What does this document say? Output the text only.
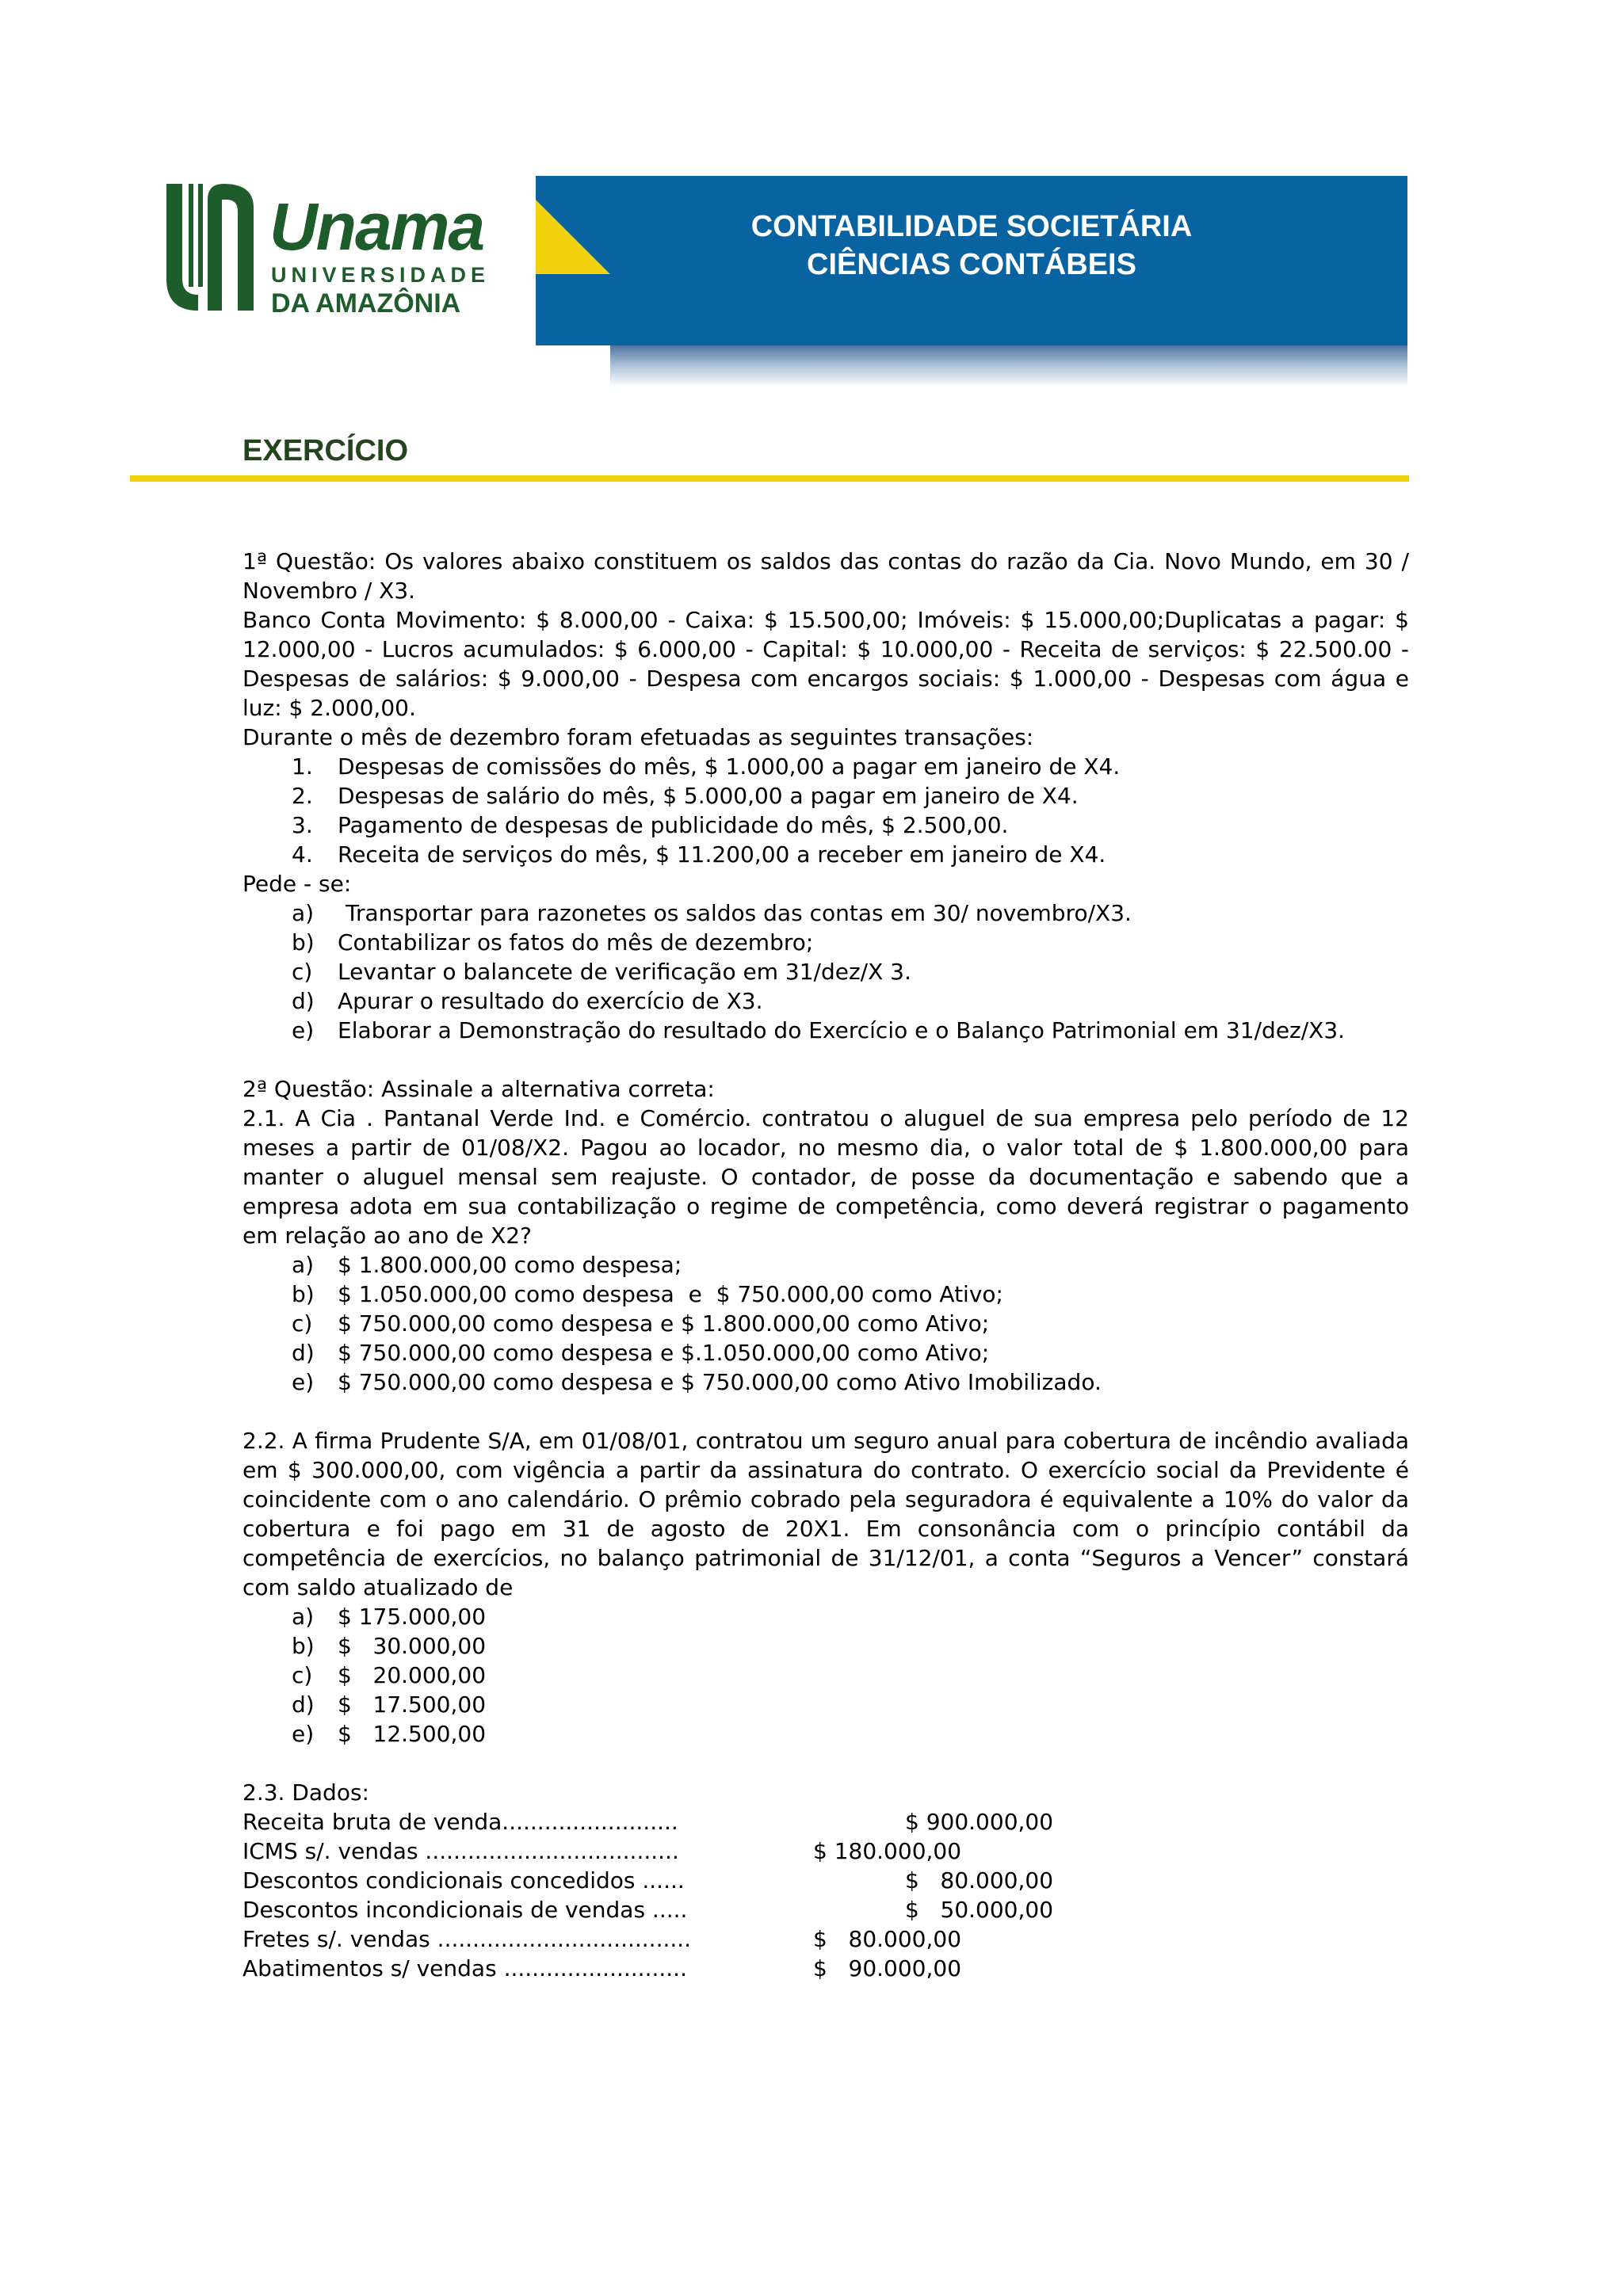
Unama
UNIVERSIDADE
DA AMAZÔNIA
CONTABILIDADE SOCIETÁRIA
CIÊNCIAS CONTÁBEIS
EXERCÍCIO

1ª Questão: Os valores abaixo constituem os saldos das contas do razão da Cia. Novo Mundo, em 30 / Novembro / X3.

Banco Conta Movimento: $ 8.000,00 - Caixa: $ 15.500,00; Imóveis: $ 15.000,00;Duplicatas a pagar: $ 12.000,00 - Lucros acumulados: $ 6.000,00 - Capital: $ 10.000,00 - Receita de serviços: $ 22.500.00 - Despesas de salários: $ 9.000,00 - Despesa com encargos sociais: $ 1.000,00 - Despesas com água e luz: $ 2.000,00.

Durante o mês de dezembro foram efetuadas as seguintes transações:

1. Despesas de comissões do mês, $ 1.000,00 a pagar em janeiro de X4.
2. Despesas de salário do mês, $ 5.000,00 a pagar em janeiro de X4.
3. Pagamento de despesas de publicidade do mês, $ 2.500,00.
4. Receita de serviços do mês, $ 11.200,00 a receber em janeiro de X4.

Pede - se:

a) Transportar para razonetes os saldos das contas em 30/ novembro/X3.
b) Contabilizar os fatos do mês de dezembro;
c) Levantar o balancete de verificação em 31/dez/X 3.
d) Apurar o resultado do exercício de X3.
e) Elaborar a Demonstração do resultado do Exercício e o Balanço Patrimonial em 31/dez/X3.

2ª Questão: Assinale a alternativa correta:

2.1. A Cia . Pantanal Verde Ind. e Comércio. contratou o aluguel de sua empresa pelo período de 12 meses a partir de 01/08/X2. Pagou ao locador, no mesmo dia, o valor total de $ 1.800.000,00 para manter o aluguel mensal sem reajuste. O contador, de posse da documentação e sabendo que a empresa adota em sua contabilização o regime de competência, como deverá registrar o pagamento em relação ao ano de X2?

a) $ 1.800.000,00 como despesa;
b) $ 1.050.000,00 como despesa  e  $ 750.000,00 como Ativo;
c) $ 750.000,00 como despesa e $ 1.800.000,00 como Ativo;
d) $ 750.000,00 como despesa e $.1.050.000,00 como Ativo;
e) $ 750.000,00 como despesa e $ 750.000,00 como Ativo Imobilizado.

2.2. A firma Prudente S/A, em 01/08/01, contratou um seguro anual para cobertura de incêndio avaliada em $ 300.000,00, com vigência a partir da assinatura do contrato. O exercício social da Previdente é coincidente com o ano calendário. O prêmio cobrado pela seguradora é equivalente a 10% do valor da cobertura e foi pago em 31 de agosto de 20X1. Em consonância com o princípio contábil da competência de exercícios, no balanço patrimonial de 31/12/01, a conta “Seguros a Vencer” constará com saldo atualizado de

a) $ 175.000,00
b) $   30.000,00
c) $   20.000,00
d) $   17.500,00
e) $   12.500,00

2.3. Dados:

Receita bruta de venda.........................	$ 900.000,00
ICMS s/. vendas ....................................	$ 180.000,00
Descontos condicionais concedidos ......	$   80.000,00
Descontos incondicionais de vendas .....	$   50.000,00
Fretes s/. vendas ....................................	$   80.000,00
Abatimentos s/ vendas ..........................	$   90.000,00
